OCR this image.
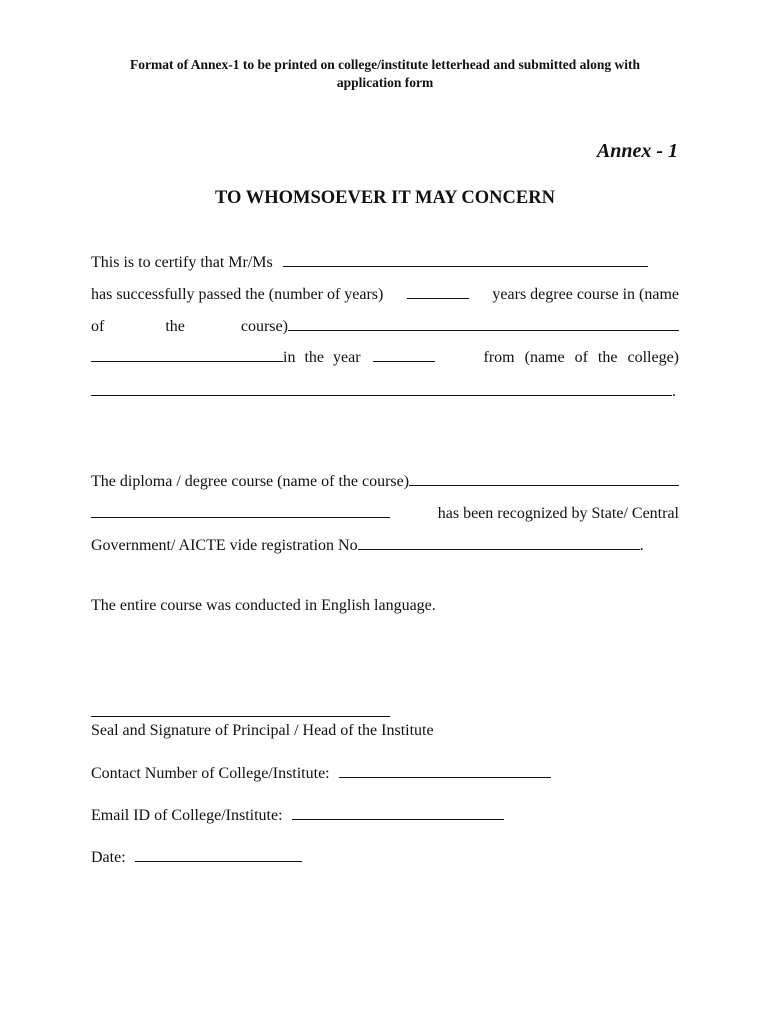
Format of Annex-1 to be printed on college/institute letterhead and submitted along with
application form
Annex - 1
TO WHOMSOEVER IT MAY CONCERN
This is to certify that Mr/Ms
has successfully passed the (number of years)	years degree course in (name
of	the	course)
in the year	from (name of the college)
.
The diploma / degree course (name of the course)
has been recognized by State/ Central
Government/ AICTE vide registration No	.
The entire course was conducted in English language.
Seal and Signature of Principal / Head of the Institute
Contact Number of College/Institute:
Email ID of College/Institute:
Date:
